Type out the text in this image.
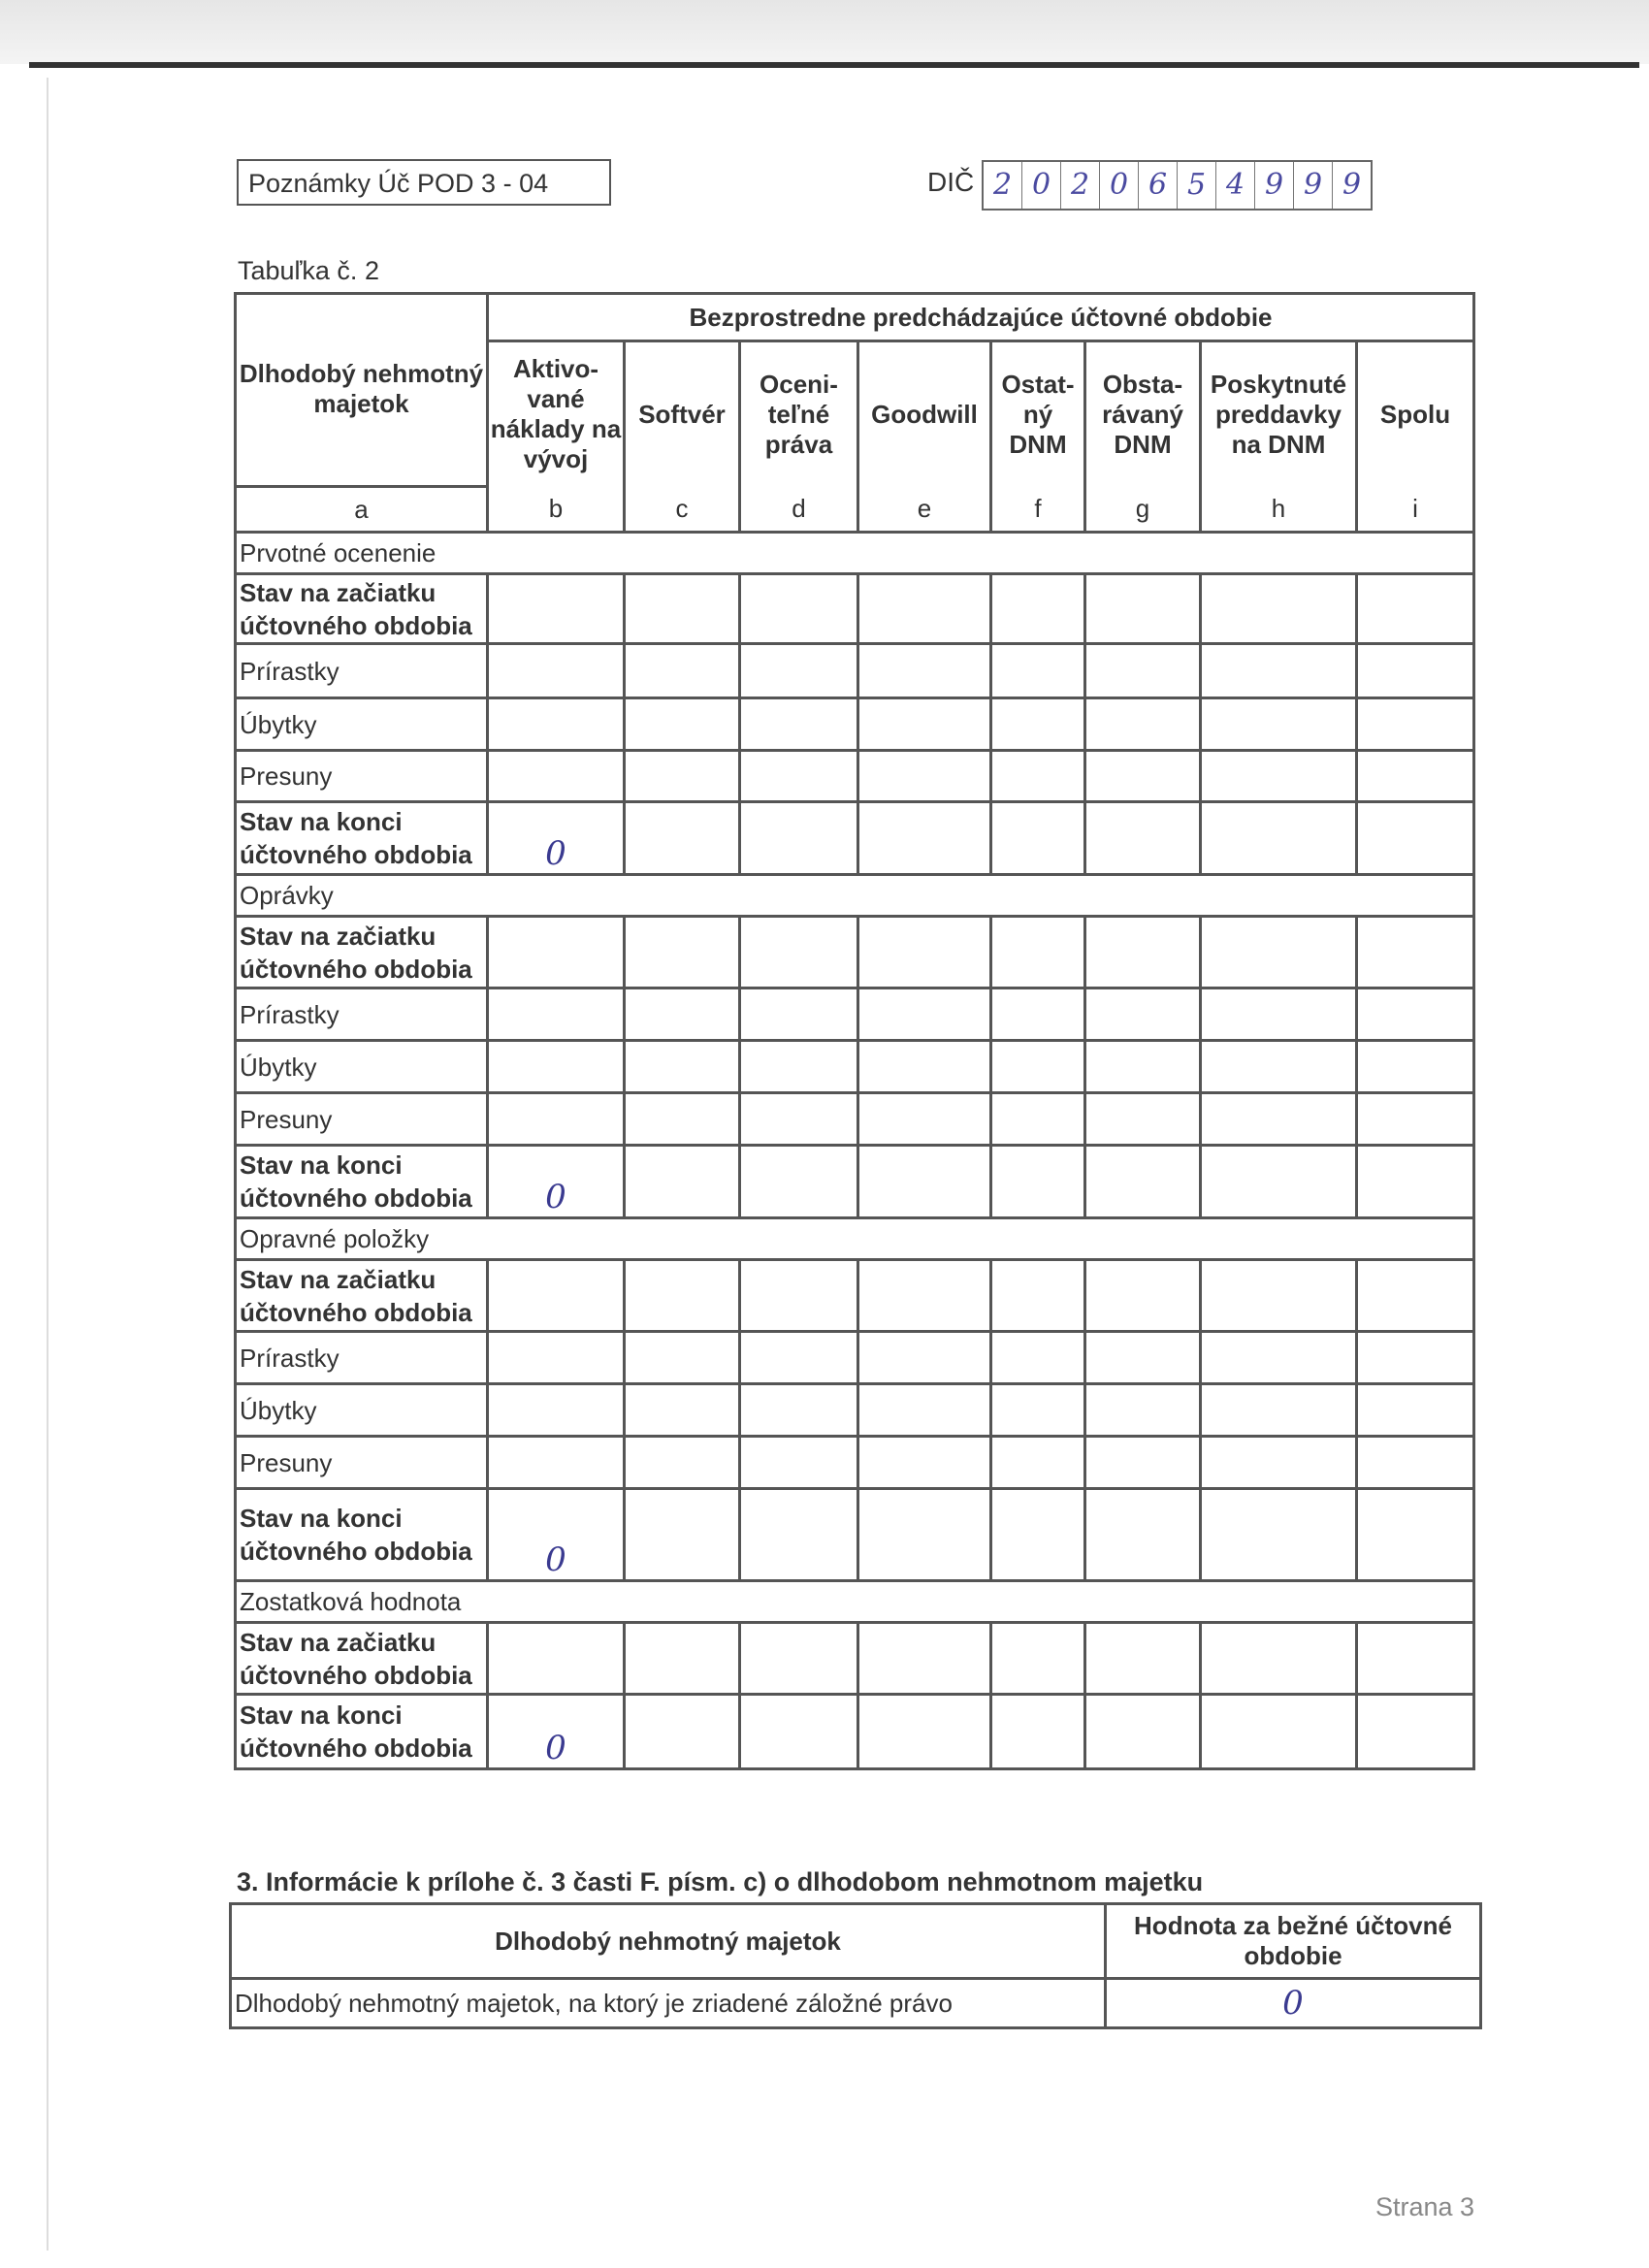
Poznámky Úč POD 3 - 04	DIČ 2 0 2 0 6 5 4 9 9 9
Tabuľka č. 2
Dlhodobý nehmotný majetok	Bezprostredne predchádzajúce účtovné obdobie							
	Aktivo-vané náklady na vývoj	Softvér	Oceni-teľné práva	Goodwill	Ostat-ný DNM	Obsta-rávaný DNM	Poskytnuté preddavky na DNM	Spolu
a	b	c	d	e	f	g	h	i
Prvotné ocenenie								
Stav na začiatku účtovného obdobia								
Prírastky								
Úbytky								
Presuny								
Stav na konci účtovného obdobia	0							
Oprávky								
Stav na začiatku účtovného obdobia								
Prírastky								
Úbytky								
Presuny								
Stav na konci účtovného obdobia	0							
Opravné položky								
Stav na začiatku účtovného obdobia								
Prírastky								
Úbytky								
Presuny								
Stav na konci účtovného obdobia	0							
Zostatková hodnota								
Stav na začiatku účtovného obdobia								
Stav na konci účtovného obdobia	0							
3. Informácie k prílohe č. 3 časti F. písm. c) o dlhodobom nehmotnom majetku
Dlhodobý nehmotný majetok	Hodnota za bežné účtovné obdobie
Dlhodobý nehmotný majetok, na ktorý je zriadené záložné právo	0
Strana 3
